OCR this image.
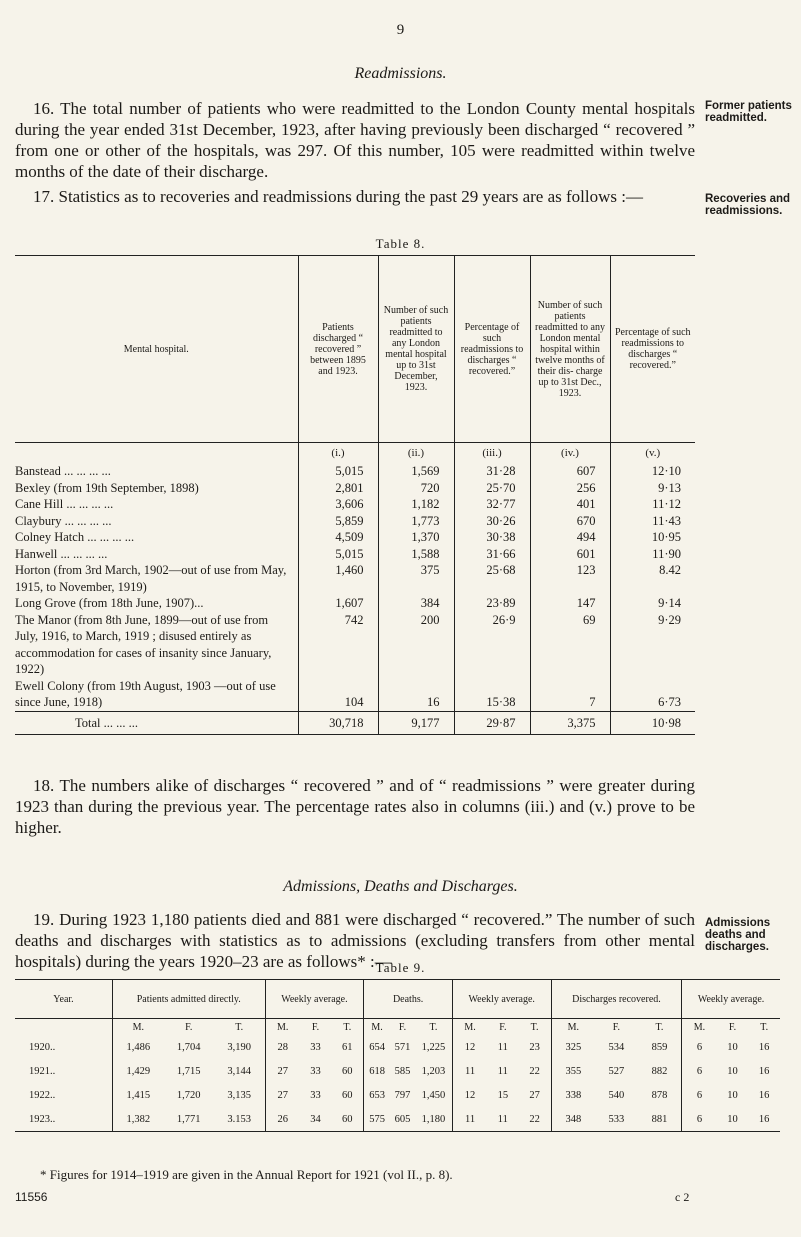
9
Readmissions.
16. The total number of patients who were readmitted to the London County mental hospitals during the year ended 31st December, 1923, after having previously been discharged “ recovered ” from one or other of the hospitals, was 297. Of this number, 105 were readmitted within twelve months of the date of their discharge.
Former patients readmitted.
17. Statistics as to recoveries and readmissions during the past 29 years are as follows :—	Recoveries and readmissions.
Table 8.
Mental hospital.	Patients discharged “ recovered ” between 1895 and 1923.	Number of such patients readmitted to any London mental hospital up to 31st December, 1923.	Percentage of such readmissions to discharges “ recovered.”	Number of such patients readmitted to any London mental hospital within twelve months of their dis- charge up to 31st Dec., 1923.	Percentage of such readmissions to discharges “ recovered.”
	(i.)	(ii.)	(iii.)	(iv.)	(v.)
Banstead ... ... ... ...	5,015	1,569	31·28	607	12·10
Bexley (from 19th September, 1898)	2,801	720	25·70	256	9·13
Cane Hill ... ... ... ...	3,606	1,182	32·77	401	11·12
Claybury ... ... ... ...	5,859	1,773	30·26	670	11·43
Colney Hatch ... ... ... ...	4,509	1,370	30·38	494	10·95
Hanwell ... ... ... ...	5,015	1,588	31·66	601	11·90
Horton (from 3rd March, 1902—out of use from May, 1915, to November, 1919)	1,460	375	25·68	123	8.42
Long Grove (from 18th June, 1907)...	1,607	384	23·89	147	9·14
The Manor (from 8th June, 1899—out of use from July, 1916, to March, 1919 ; disused entirely as accommodation for cases of insanity since January, 1922)	742	200	26·9	69	9·29
Ewell Colony (from 19th August, 1903 —out of use since June, 1918)	104	16	15·38	7	6·73
Total ... ... ...	30,718	9,177	29·87	3,375	10·98
18. The numbers alike of discharges “ recovered ” and of “ readmissions ” were greater during 1923 than during the previous year. The percentage rates also in columns (iii.) and (v.) prove to be higher.
Admissions, Deaths and Discharges.
19. During 1923 1,180 patients died and 881 were discharged “ recovered.” The number of such deaths and discharges with statistics as to admissions (excluding transfers from other mental hospitals) during the years 1920–23 are as follows* :—
Admissions deaths and discharges.
Table 9.
Year.	Patients admitted directly.			Weekly average.			Deaths.			Weekly average.			Discharges recovered.			Weekly average.		
	M.	F.	T.	M.	F.	T.	M.	F.	T.	M.	F.	T.	M.	F.	T.	M.	F.	T.
1920..	1,486	1,704	3,190	28	33	61	654	571	1,225	12	11	23	325	534	859	6	10	16
1921..	1,429	1,715	3,144	27	33	60	618	585	1,203	11	11	22	355	527	882	6	10	16
1922..	1,415	1,720	3,135	27	33	60	653	797	1,450	12	15	27	338	540	878	6	10	16
1923..	1,382	1,771	3.153	26	34	60	575	605	1,180	11	11	22	348	533	881	6	10	16
* Figures for 1914–1919 are given in the Annual Report for 1921 (vol II., p. 8).
11556	c 2
